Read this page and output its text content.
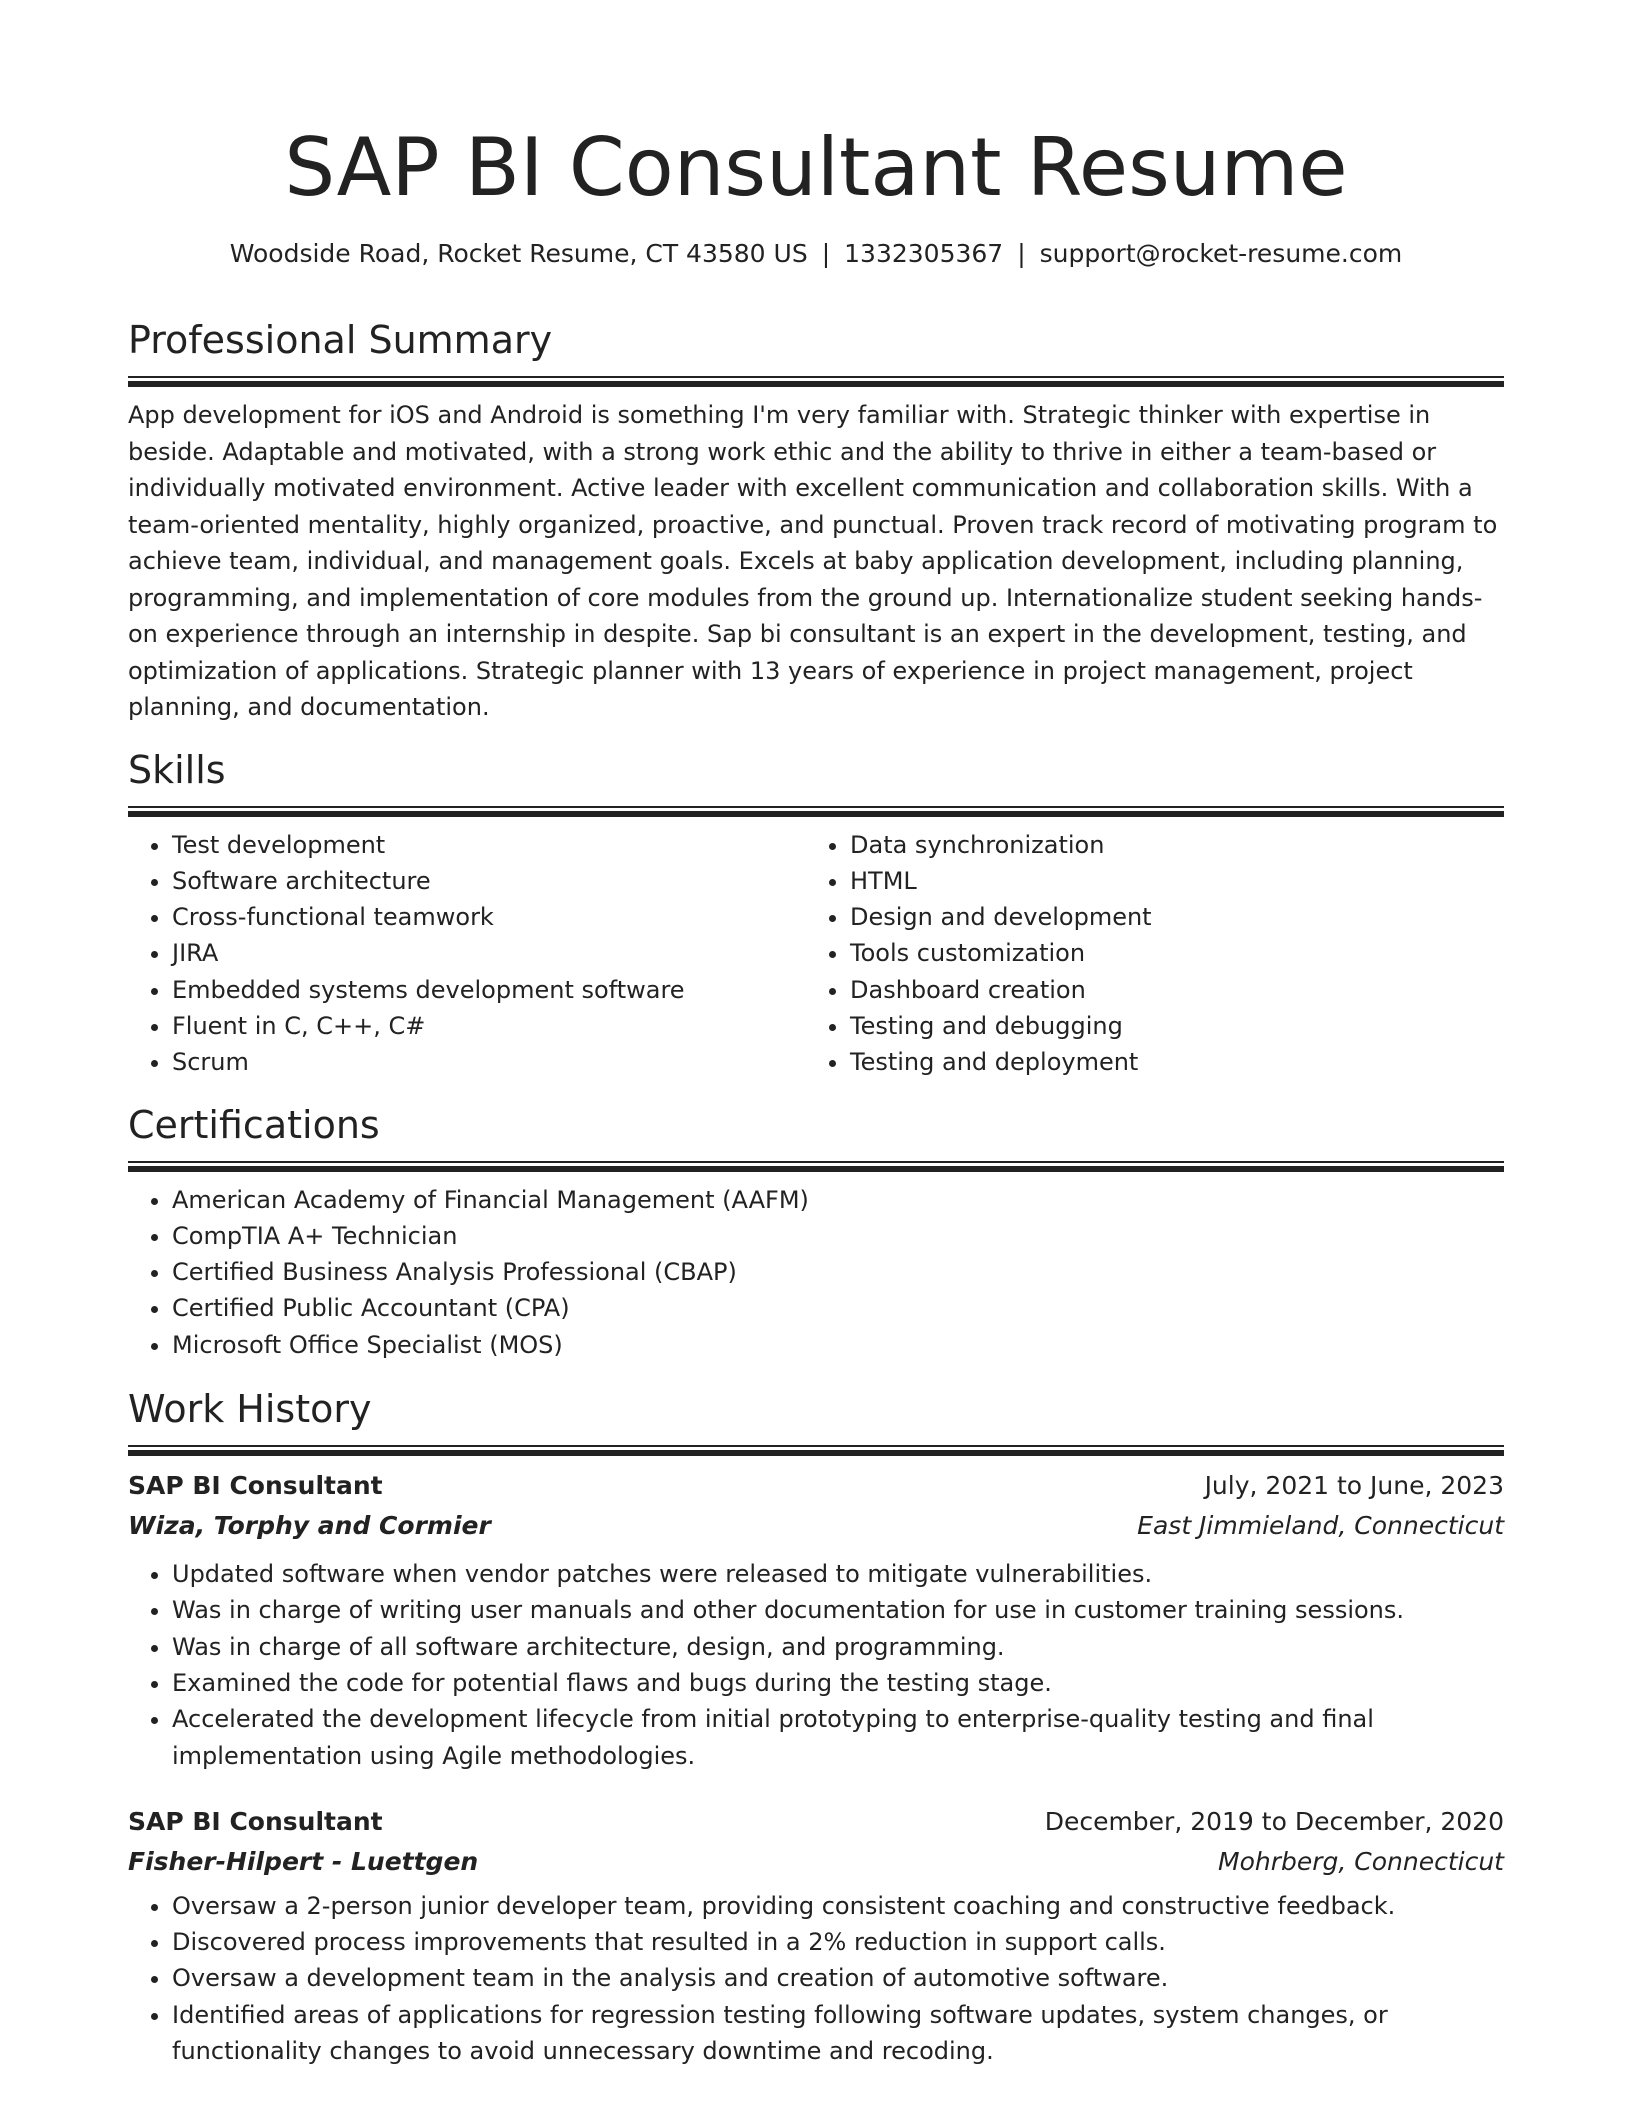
SAP BI Consultant Resume
Woodside Road, Rocket Resume, CT 43580 US | 1332305367 | support@rocket-resume.com
Professional Summary

App development for iOS and Android is something I'm very familiar with. Strategic thinker with expertise in beside. Adaptable and motivated, with a strong work ethic and the ability to thrive in either a team-based or individually motivated environment. Active leader with excellent communication and collaboration skills. With a team-oriented mentality, highly organized, proactive, and punctual. Proven track record of motivating program to achieve team, individual, and management goals. Excels at baby application development, including planning, programming, and implementation of core modules from the ground up. Internationalize student seeking hands-on experience through an internship in despite. Sap bi consultant is an expert in the development, testing, and optimization of applications. Strategic planner with 13 years of experience in project management, project planning, and documentation.

Skills
• Test development
• Software architecture
• Cross-functional teamwork
• JIRA
• Embedded systems development software
• Fluent in C, C++, C#
• Scrum
• Data synchronization
• HTML
• Design and development
• Tools customization
• Dashboard creation
• Testing and debugging
• Testing and deployment
Certifications
• American Academy of Financial Management (AAFM)
• CompTIA A+ Technician
• Certified Business Analysis Professional (CBAP)
• Certified Public Accountant (CPA)
• Microsoft Office Specialist (MOS)
Work History
SAP BI Consultant	July, 2021 to June, 2023
Wiza, Torphy and Cormier	East Jimmieland, Connecticut
• Updated software when vendor patches were released to mitigate vulnerabilities.
• Was in charge of writing user manuals and other documentation for use in customer training sessions.
• Was in charge of all software architecture, design, and programming.
• Examined the code for potential flaws and bugs during the testing stage.
• Accelerated the development lifecycle from initial prototyping to enterprise-quality testing and final implementation using Agile methodologies.
SAP BI Consultant	December, 2019 to December, 2020
Fisher-Hilpert - Luettgen	Mohrberg, Connecticut
• Oversaw a 2-person junior developer team, providing consistent coaching and constructive feedback.
• Discovered process improvements that resulted in a 2% reduction in support calls.
• Oversaw a development team in the analysis and creation of automotive software.
• Identified areas of applications for regression testing following software updates, system changes, or functionality changes to avoid unnecessary downtime and recoding.
